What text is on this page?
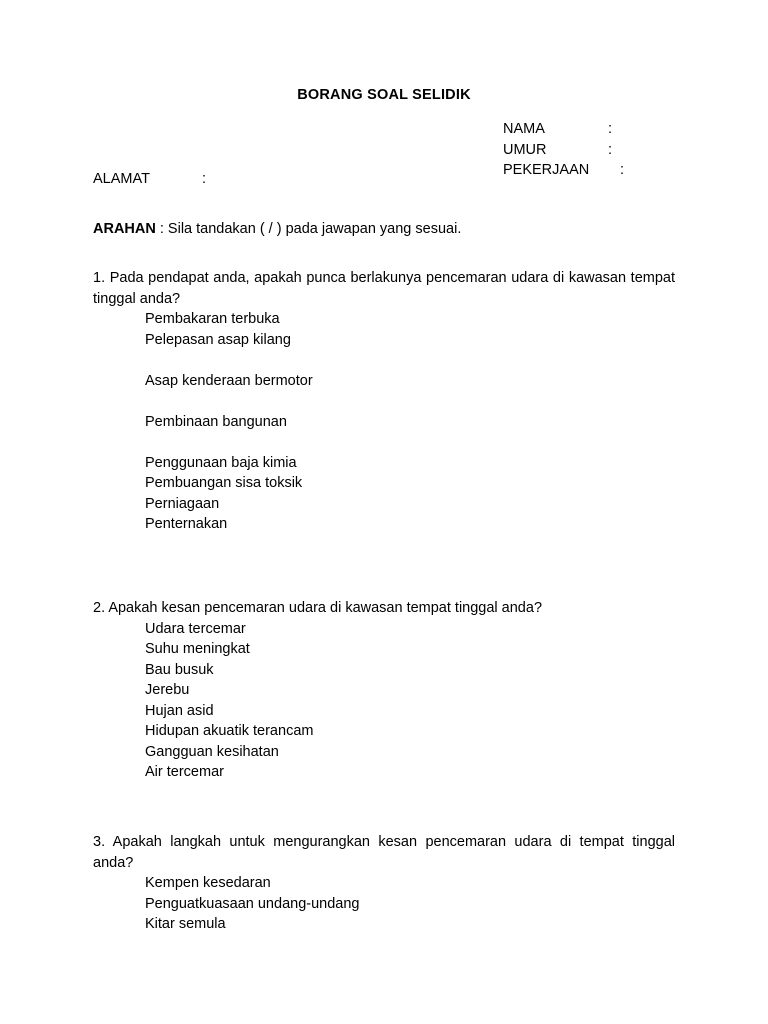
BORANG SOAL SELIDIK
NAMA	:
UMUR	:
PEKERJAAN :
ALAMAT	:
ARAHAN : Sila tandakan ( / ) pada jawapan yang sesuai.

1. Pada pendapat anda, apakah punca berlakunya pencemaran udara di kawasan tempat tinggal anda?

Pembakaran terbuka
Pelepasan asap kilang
Asap kenderaan bermotor
Pembinaan bangunan
Penggunaan baja kimia
Pembuangan sisa toksik
Perniagaan
Penternakan

2. Apakah kesan pencemaran udara di kawasan tempat tinggal anda?

Udara tercemar
Suhu meningkat
Bau busuk
Jerebu
Hujan asid
Hidupan akuatik terancam
Gangguan kesihatan
Air tercemar

3. Apakah langkah untuk mengurangkan kesan pencemaran udara di tempat tinggal anda?

Kempen kesedaran
Penguatkuasaan undang-undang
Kitar semula
